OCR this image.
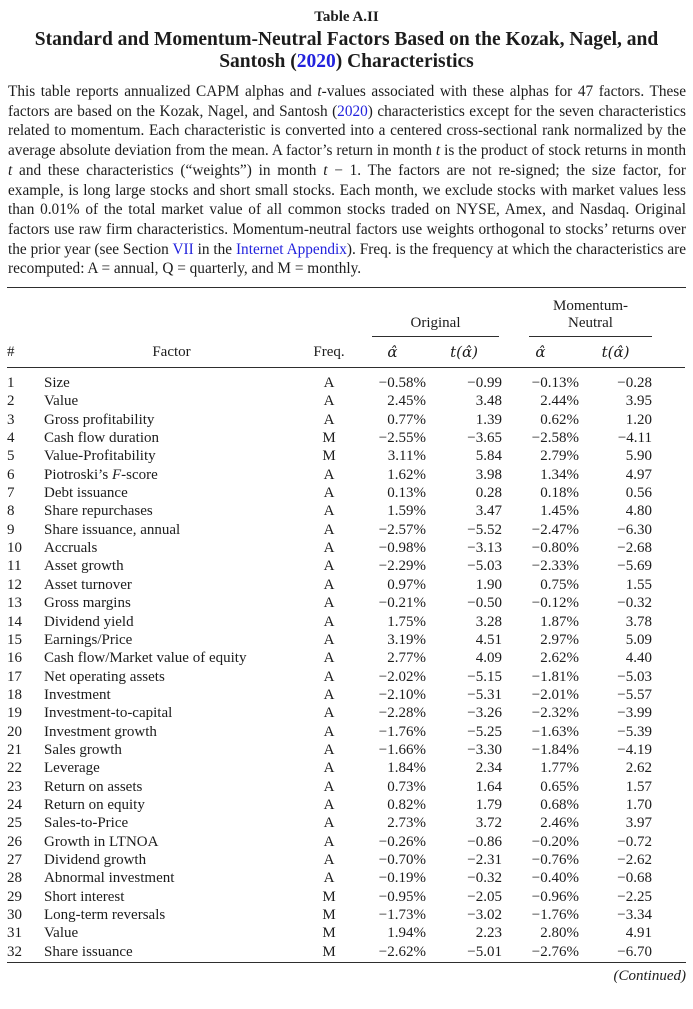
Table A.II
Standard and Momentum-Neutral Factors Based on the Kozak, Nagel, and Santosh (2020) Characteristics
This table reports annualized CAPM alphas and t-values associated with these alphas for 47 factors. These factors are based on the Kozak, Nagel, and Santosh (2020) characteristics except for the seven characteristics related to momentum. Each characteristic is converted into a centered cross-sectional rank normalized by the average absolute deviation from the mean. A factor’s return in month t is the product of stock returns in month t and these characteristics (“weights”) in month t − 1. The factors are not re-signed; the size factor, for example, is long large stocks and short small stocks. Each month, we exclude stocks with market values less than 0.01% of the total market value of all common stocks traded on NYSE, Amex, and Nasdaq. Original factors use raw firm characteristics. Momentum-neutral factors use weights orthogonal to stocks’ returns over the prior year (see Section VII in the Internet Appendix). Freq. is the frequency at which the characteristics are recomputed: A = annual, Q = quarterly, and M = monthly.

			Original		Momentum-
Neutral		

#	Factor	Freq.	α̂	t(α̂)	α̂	t(α̂)	
1	Size	A	−0.58%	−0.99	−0.13%	−0.28	
2	Value	A	2.45%	3.48	2.44%	3.95	
3	Gross profitability	A	0.77%	1.39	0.62%	1.20	
4	Cash flow duration	M	−2.55%	−3.65	−2.58%	−4.11	
5	Value-Profitability	M	3.11%	5.84	2.79%	5.90	
6	Piotroski’s F-score	A	1.62%	3.98	1.34%	4.97	
7	Debt issuance	A	0.13%	0.28	0.18%	0.56	
8	Share repurchases	A	1.59%	3.47	1.45%	4.80	
9	Share issuance, annual	A	−2.57%	−5.52	−2.47%	−6.30	
10	Accruals	A	−0.98%	−3.13	−0.80%	−2.68	
11	Asset growth	A	−2.29%	−5.03	−2.33%	−5.69	
12	Asset turnover	A	0.97%	1.90	0.75%	1.55	
13	Gross margins	A	−0.21%	−0.50	−0.12%	−0.32	
14	Dividend yield	A	1.75%	3.28	1.87%	3.78	
15	Earnings/Price	A	3.19%	4.51	2.97%	5.09	
16	Cash flow/Market value of equity	A	2.77%	4.09	2.62%	4.40	
17	Net operating assets	A	−2.02%	−5.15	−1.81%	−5.03	
18	Investment	A	−2.10%	−5.31	−2.01%	−5.57	
19	Investment-to-capital	A	−2.28%	−3.26	−2.32%	−3.99	
20	Investment growth	A	−1.76%	−5.25	−1.63%	−5.39	
21	Sales growth	A	−1.66%	−3.30	−1.84%	−4.19	
22	Leverage	A	1.84%	2.34	1.77%	2.62	
23	Return on assets	A	0.73%	1.64	0.65%	1.57	
24	Return on equity	A	0.82%	1.79	0.68%	1.70	
25	Sales-to-Price	A	2.73%	3.72	2.46%	3.97	
26	Growth in LTNOA	A	−0.26%	−0.86	−0.20%	−0.72	
27	Dividend growth	A	−0.70%	−2.31	−0.76%	−2.62	
28	Abnormal investment	A	−0.19%	−0.32	−0.40%	−0.68	
29	Short interest	M	−0.95%	−2.05	−0.96%	−2.25	
30	Long-term reversals	M	−1.73%	−3.02	−1.76%	−3.34	
31	Value	M	1.94%	2.23	2.80%	4.91	
32	Share issuance	M	−2.62%	−5.01	−2.76%	−6.70	
(Continued)
